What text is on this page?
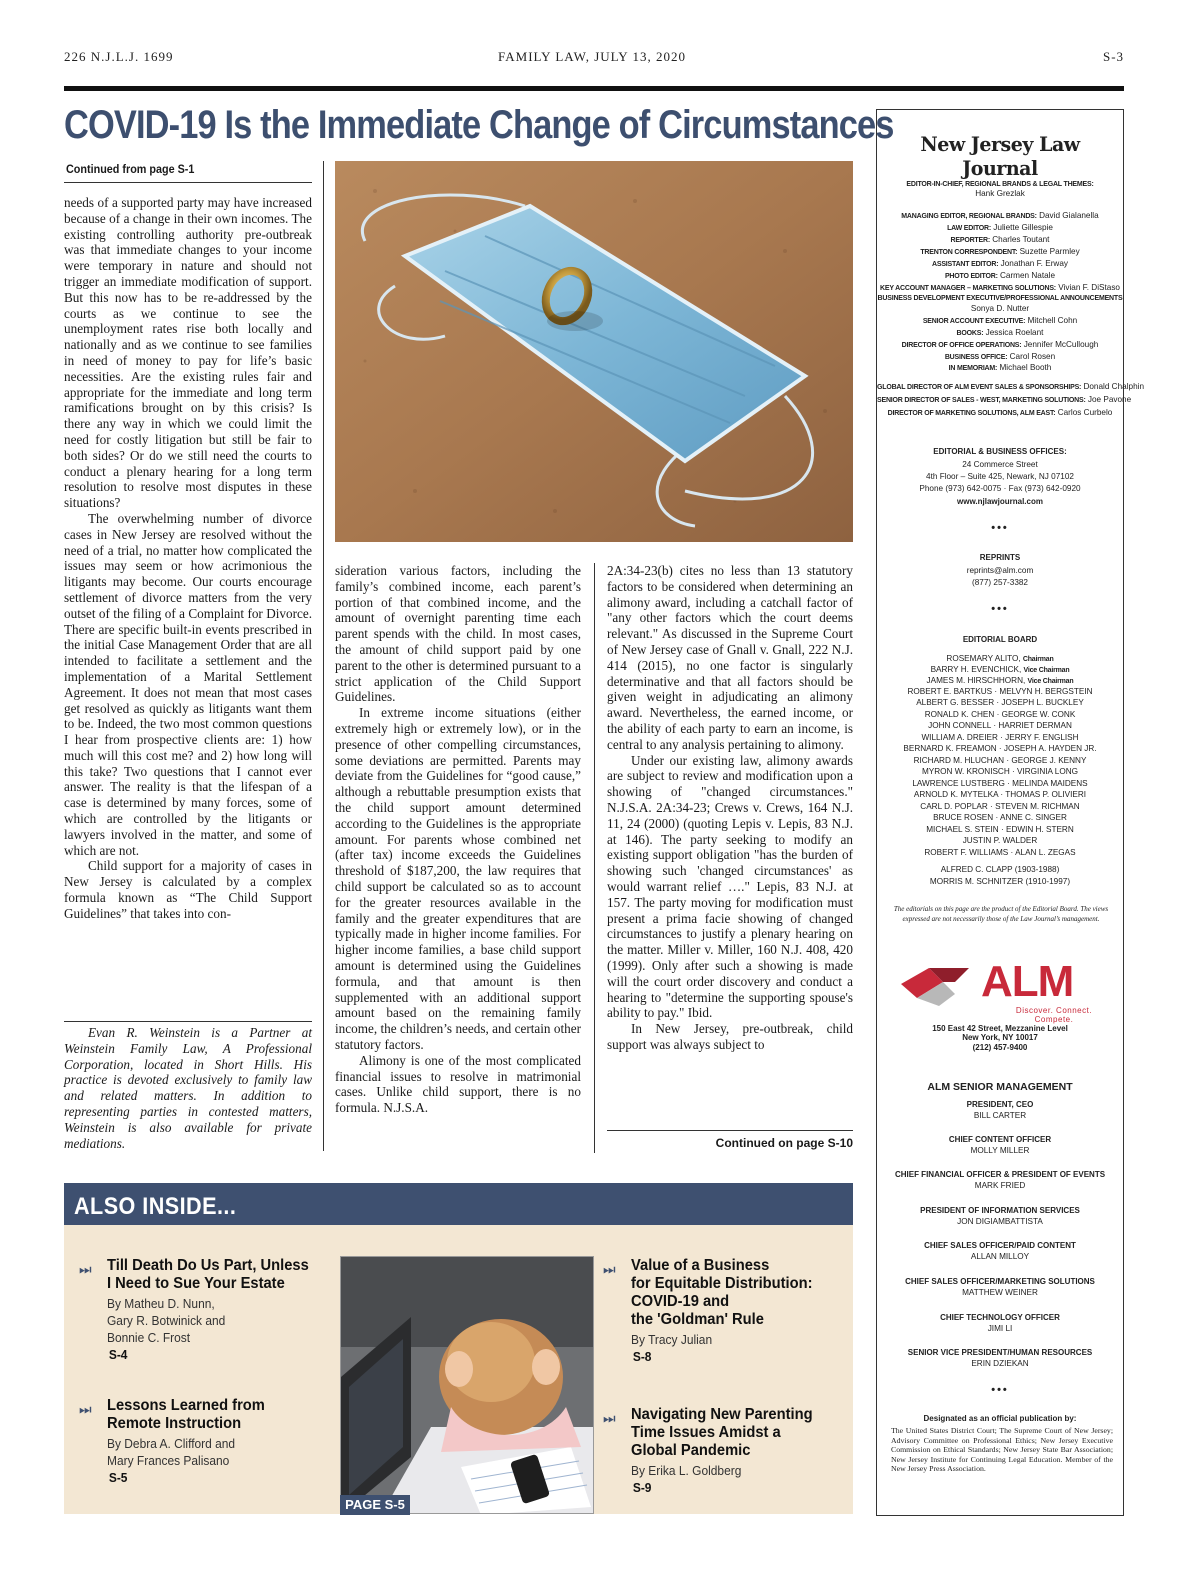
226 N.J.L.J. 1699	FAMILY LAW, JULY 13, 2020	S-3
COVID-19 Is the Immediate Change of Circumstances
Continued from page S-1

needs of a supported party may have increased because of a change in their own incomes. The existing controlling authority pre-outbreak was that immediate changes to your income were temporary in nature and should not trigger an immediate modification of support. But this now has to be re-addressed by the courts as we continue to see the unemployment rates rise both locally and nationally and as we continue to see families in need of money to pay for life’s basic necessities. Are the existing rules fair and appropriate for the immediate and long term ramifications brought on by this crisis? Is there any way in which we could limit the need for costly litigation but still be fair to both sides? Or do we still need the courts to conduct a plenary hearing for a long term resolution to resolve most disputes in these situations?

The overwhelming number of divorce cases in New Jersey are resolved without the need of a trial, no matter how complicated the issues may seem or how acrimonious the litigants may become. Our courts encourage settlement of divorce matters from the very outset of the filing of a Complaint for Divorce. There are specific built-in events prescribed in the initial Case Management Order that are all intended to facilitate a settlement and the implementation of a Marital Settlement Agreement. It does not mean that most cases get resolved as quickly as litigants want them to be. Indeed, the two most common questions I hear from prospective clients are: 1) how much will this cost me? and 2) how long will this take? Two questions that I cannot ever answer. The reality is that the lifespan of a case is determined by many forces, some of which are controlled by the litigants or lawyers involved in the matter, and some of which are not.

Child support for a majority of cases in New Jersey is calculated by a complex formula known as “The Child Support Guidelines” that takes into con-

Evan R. Weinstein is a Partner at Weinstein Family Law, A Professional Corporation, located in Short Hills. His practice is devoted exclusively to family law and related matters. In addition to representing parties in contested matters, Weinstein is also available for private mediations.

sideration various factors, including the family’s combined income, each parent’s portion of that combined income, and the amount of overnight parenting time each parent spends with the child. In most cases, the amount of child support paid by one parent to the other is determined pursuant to a strict application of the Child Support Guidelines.

In extreme income situations (either extremely high or extremely low), or in the presence of other compelling circumstances, some deviations are permitted. Parents may deviate from the Guidelines for “good cause,” although a rebuttable presumption exists that the child support amount determined according to the Guidelines is the appropriate amount. For parents whose combined net (after tax) income exceeds the Guidelines threshold of $187,200, the law requires that child support be calculated so as to account for the greater resources available in the family and the greater expenditures that are typically made in higher income families. For higher income families, a base child support amount is determined using the Guidelines formula, and that amount is then supplemented with an additional support amount based on the remaining family income, the children’s needs, and certain other statutory factors.

Alimony is one of the most complicated financial issues to resolve in matrimonial cases. Unlike child support, there is no formula. N.J.S.A.

2A:34-23(b) cites no less than 13 statutory factors to be considered when determining an alimony award, including a catchall factor of "any other factors which the court deems relevant." As discussed in the Supreme Court of New Jersey case of Gnall v. Gnall, 222 N.J. 414 (2015), no one factor is singularly determinative and that all factors should be given weight in adjudicating an alimony award. Nevertheless, the earned income, or the ability of each party to earn an income, is central to any analysis pertaining to alimony.

Under our existing law, alimony awards are subject to review and modification upon a showing of "changed circumstances." N.J.S.A. 2A:34-23; Crews v. Crews, 164 N.J. 11, 24 (2000) (quoting Lepis v. Lepis, 83 N.J. at 146). The party seeking to modify an existing support obligation "has the burden of showing such 'changed circumstances' as would warrant relief …." Lepis, 83 N.J. at 157. The party moving for modification must present a prima facie showing of changed circumstances to justify a plenary hearing on the matter. Miller v. Miller, 160 N.J. 408, 420 (1999). Only after such a showing is made will the court order discovery and conduct a hearing to "determine the supporting spouse's ability to pay." Ibid.

In New Jersey, pre-outbreak, child support was always subject to

Continued on page S-10
New Jersey Law Journal
EDITOR-IN-CHIEF, REGIONAL BRANDS & LEGAL THEMES:
Hank Grezlak
MANAGING EDITOR, REGIONAL BRANDS: David Gialanella
LAW EDITOR: Juliette Gillespie
REPORTER: Charles Toutant
TRENTON CORRESPONDENT: Suzette Parmley
ASSISTANT EDITOR: Jonathan F. Erway
PHOTO EDITOR: Carmen Natale
KEY ACCOUNT MANAGER – MARKETING SOLUTIONS: Vivian F. DiStaso
BUSINESS DEVELOPMENT EXECUTIVE/PROFESSIONAL ANNOUNCEMENTS
Sonya D. Nutter
SENIOR ACCOUNT EXECUTIVE: Mitchell Cohn
BOOKS: Jessica Roelant
DIRECTOR OF OFFICE OPERATIONS: Jennifer McCullough
BUSINESS OFFICE: Carol Rosen
IN MEMORIAM: Michael Booth
GLOBAL DIRECTOR OF ALM EVENT SALES & SPONSORSHIPS: Donald Chalphin
SENIOR DIRECTOR OF SALES - WEST, MARKETING SOLUTIONS: Joe Pavone
DIRECTOR OF MARKETING SOLUTIONS, ALM EAST: Carlos Curbelo
EDITORIAL & BUSINESS OFFICES:
24 Commerce Street
4th Floor – Suite 425, Newark, NJ 07102
Phone (973) 642-0075 · Fax (973) 642-0920
www.njlawjournal.com
•••
REPRINTS
reprints@alm.com
(877) 257-3382
•••
EDITORIAL BOARD
ROSEMARY ALITO, Chairman
BARRY H. EVENCHICK, Vice Chairman
JAMES M. HIRSCHHORN, Vice Chairman
ROBERT E. BARTKUS · MELVYN H. BERGSTEIN
ALBERT G. BESSER · JOSEPH L. BUCKLEY
RONALD K. CHEN · GEORGE W. CONK
JOHN CONNELL · HARRIET DERMAN
WILLIAM A. DREIER · JERRY F. ENGLISH
BERNARD K. FREAMON · JOSEPH A. HAYDEN JR.
RICHARD M. HLUCHAN · GEORGE J. KENNY
MYRON W. KRONISCH · VIRGINIA LONG
LAWRENCE LUSTBERG · MELINDA MAIDENS
ARNOLD K. MYTELKA · THOMAS P. OLIVIERI
CARL D. POPLAR · STEVEN M. RICHMAN
BRUCE ROSEN · ANNE C. SINGER
MICHAEL S. STEIN · EDWIN H. STERN
JUSTIN P. WALDER
ROBERT F. WILLIAMS · ALAN L. ZEGAS
ALFRED C. CLAPP (1903-1988)
MORRIS M. SCHNITZER (1910-1997)
The editorials on this page are the product of the Editorial Board. The views expressed are not necessarily those of the Law Journal’s management.
ALM
Discover. Connect. Compete.
150 East 42 Street, Mezzanine Level
New York, NY 10017
(212) 457-9400
ALM SENIOR MANAGEMENT
PRESIDENT, CEO
BILL CARTER
CHIEF CONTENT OFFICER
MOLLY MILLER
CHIEF FINANCIAL OFFICER & PRESIDENT OF EVENTS
MARK FRIED
PRESIDENT OF INFORMATION SERVICES
JON DIGIAMBATTISTA
CHIEF SALES OFFICER/PAID CONTENT
ALLAN MILLOY
CHIEF SALES OFFICER/MARKETING SOLUTIONS
MATTHEW WEINER
CHIEF TECHNOLOGY OFFICER
JIMI LI
SENIOR VICE PRESIDENT/HUMAN RESOURCES
ERIN DZIEKAN
•••
Designated as an official publication by:
The United States District Court; The Supreme Court of New Jersey; Advisory Committee on Professional Ethics; New Jersey Executive Commission on Ethical Standards; New Jersey State Bar Association; New Jersey Institute for Continuing Legal Education. Member of the New Jersey Press Association.
ALSO INSIDE...
⏭ Till Death Do Us Part, Unless
I Need to Sue Your Estate
By Matheu D. Nunn,
Gary R. Botwinick and
Bonnie C. Frost
S-4
⏭ Lessons Learned from
Remote Instruction
By Debra A. Clifford and
Mary Frances Palisano
S-5
⏭ Value of a Business
for Equitable Distribution:
COVID-19 and
the 'Goldman' Rule
By Tracy Julian
S-8
⏭ Navigating New Parenting
Time Issues Amidst a
Global Pandemic
By Erika L. Goldberg
S-9
PAGE S-5
